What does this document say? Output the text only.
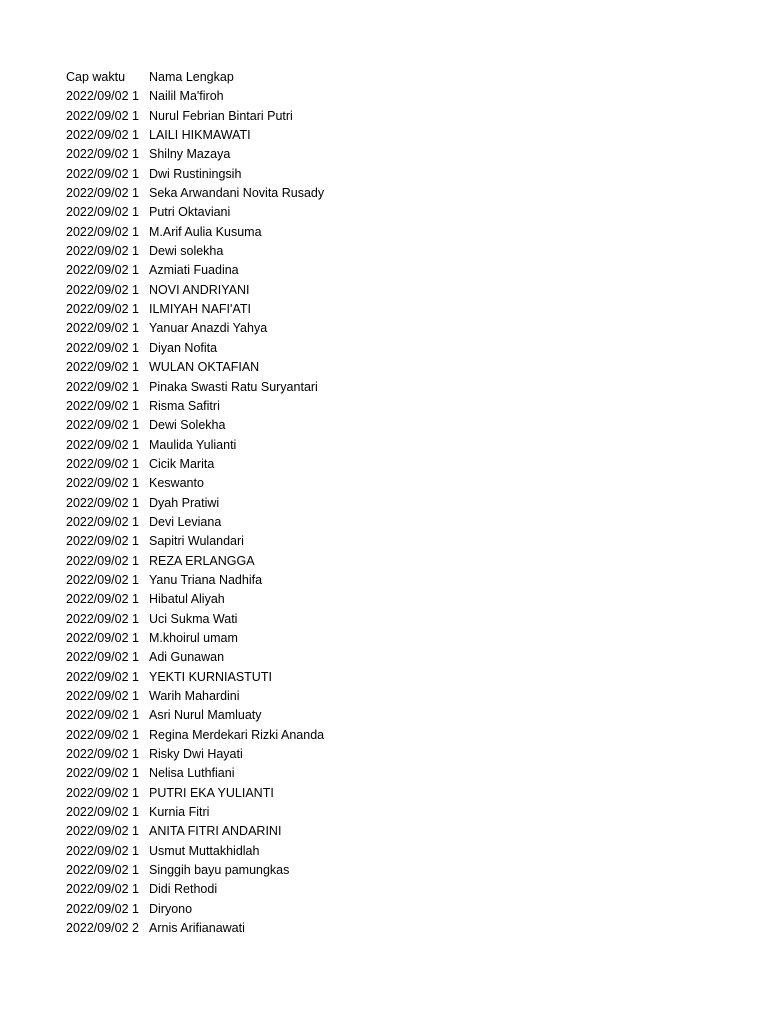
Cap waktu	Nama Lengkap
2022/09/02 1 Nailil Ma'firoh
2022/09/02 1 Nurul Febrian Bintari Putri
2022/09/02 1 LAILI HIKMAWATI
2022/09/02 1 Shilny Mazaya
2022/09/02 1 Dwi Rustiningsih
2022/09/02 1 Seka Arwandani Novita Rusady
2022/09/02 1 Putri Oktaviani
2022/09/02 1 M.Arif Aulia Kusuma
2022/09/02 1 Dewi solekha
2022/09/02 1 Azmiati Fuadina
2022/09/02 1 NOVI ANDRIYANI
2022/09/02 1 ILMIYAH NAFI'ATI
2022/09/02 1 Yanuar Anazdi Yahya
2022/09/02 1 Diyan Nofita
2022/09/02 1 WULAN OKTAFIAN
2022/09/02 1 Pinaka Swasti Ratu Suryantari
2022/09/02 1 Risma Safitri
2022/09/02 1 Dewi Solekha
2022/09/02 1 Maulida Yulianti
2022/09/02 1 Cicik Marita
2022/09/02 1 Keswanto
2022/09/02 1 Dyah Pratiwi
2022/09/02 1 Devi Leviana
2022/09/02 1 Sapitri Wulandari
2022/09/02 1 REZA ERLANGGA
2022/09/02 1 Yanu Triana Nadhifa
2022/09/02 1 Hibatul Aliyah
2022/09/02 1 Uci Sukma Wati
2022/09/02 1 M.khoirul umam
2022/09/02 1 Adi Gunawan
2022/09/02 1 YEKTI KURNIASTUTI
2022/09/02 1 Warih Mahardini
2022/09/02 1 Asri Nurul Mamluaty
2022/09/02 1 Regina Merdekari Rizki Ananda
2022/09/02 1 Risky Dwi Hayati
2022/09/02 1 Nelisa Luthfiani
2022/09/02 1 PUTRI EKA YULIANTI
2022/09/02 1 Kurnia Fitri
2022/09/02 1 ANITA FITRI ANDARINI
2022/09/02 1 Usmut Muttakhidlah
2022/09/02 1 Singgih bayu pamungkas
2022/09/02 1 Didi Rethodi
2022/09/02 1 Diryono
2022/09/02 2 Arnis Arifianawati
